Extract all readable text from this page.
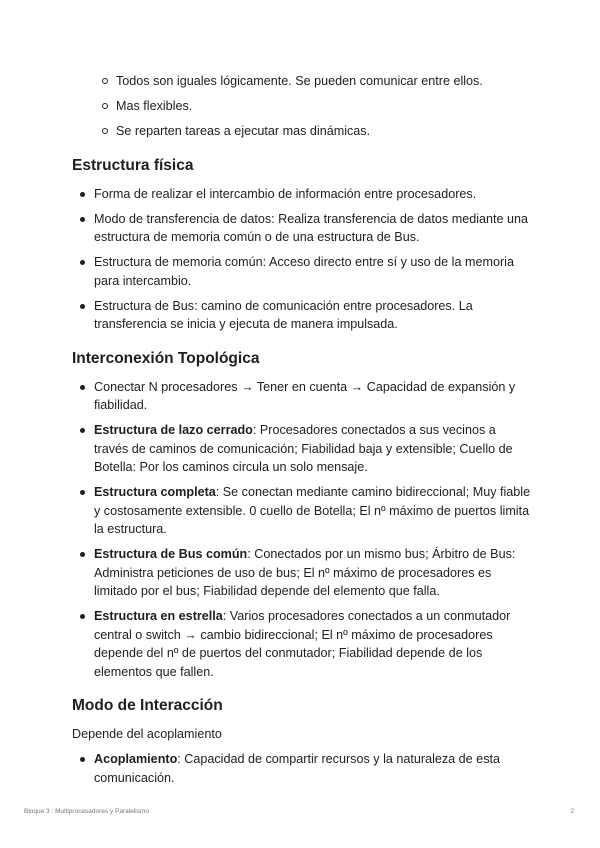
Todos son iguales lógicamente. Se pueden comunicar entre ellos.
Mas flexibles.
Se reparten tareas a ejecutar mas dinámicas.
Estructura física
Forma de realizar el intercambio de información entre procesadores.
Modo de transferencia de datos: Realiza transferencia de datos mediante una estructura de memoria común o de una estructura de Bus.
Estructura de memoria común: Acceso directo entre sí y uso de la memoria para intercambio.
Estructura de Bus: camino de comunicación entre procesadores. La transferencia se inicia y ejecuta de manera impulsada.
Interconexión Topológica
Conectar N procesadores → Tener en cuenta → Capacidad de expansión y fiabilidad.
Estructura de lazo cerrado: Procesadores conectados a sus vecinos a través de caminos de comunicación; Fiabilidad baja y extensible; Cuello de Botella: Por los caminos circula un solo mensaje.
Estructura completa: Se conectan mediante camino bidireccional; Muy fiable y costosamente extensible. 0 cuello de Botella; El nº máximo de puertos limita la estructura.
Estructura de Bus común: Conectados por un mismo bus; Árbitro de Bus: Administra peticiones de uso de bus; El nº máximo de procesadores es limitado por el bus; Fiabilidad depende del elemento que falla.
Estructura en estrella: Varios procesadores conectados a un conmutador central o switch → cambio bidireccional; El nº máximo de procesadores depende del nº de puertos del conmutador; Fiabilidad depende de los elementos que fallen.
Modo de Interacción

Depende del acoplamiento

Acoplamiento: Capacidad de compartir recursos y la naturaleza de esta comunicación.
Bloque 3 : Multiprocesadores y Paralelismo	2
